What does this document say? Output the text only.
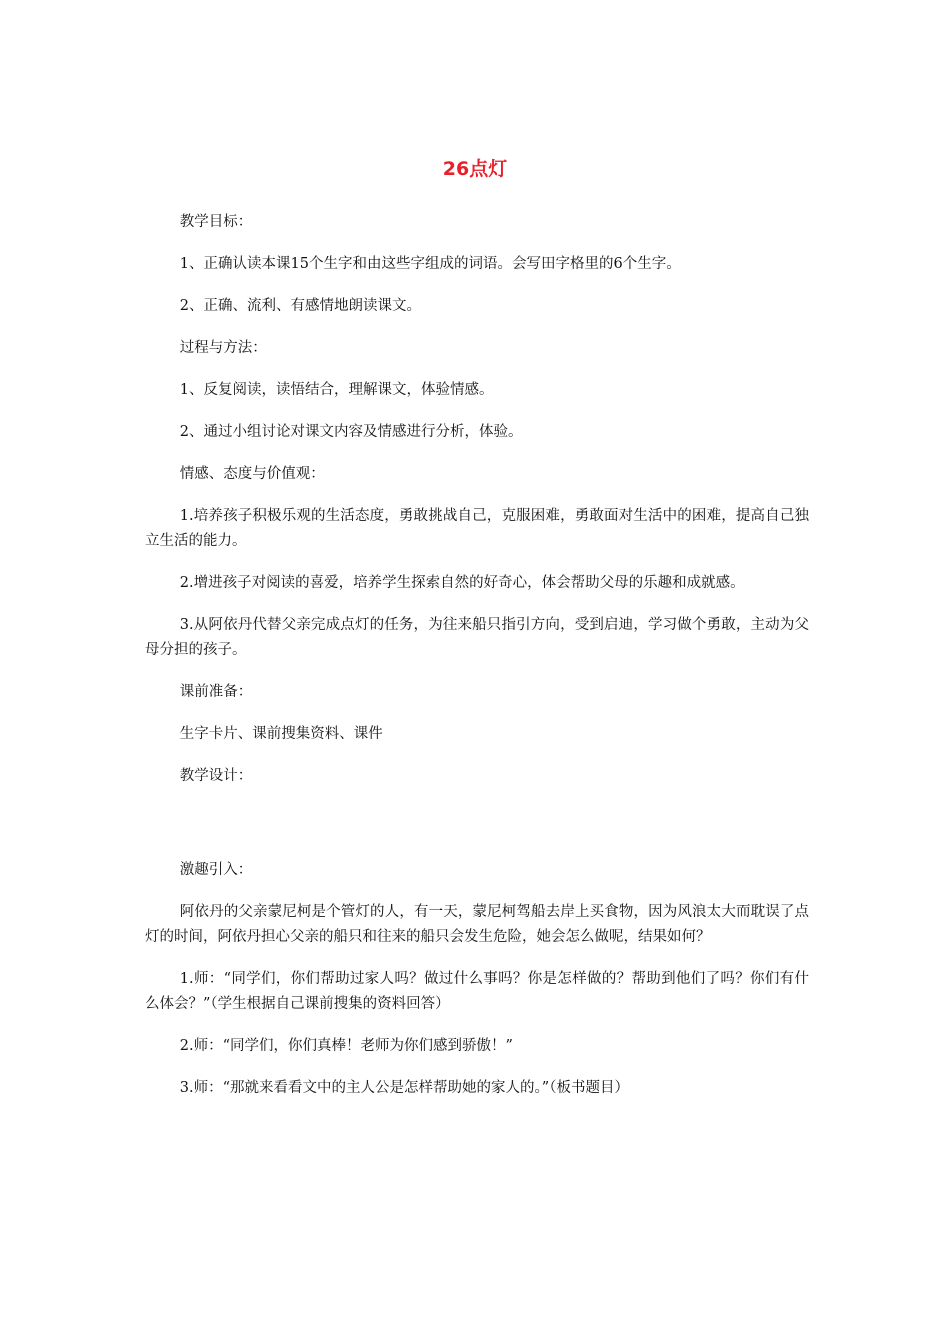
26点灯

教学目标：

1、正确认读本课15个生字和由这些字组成的词语。会写田字格里的6个生字。

2、正确、流利、有感情地朗读课文。

过程与方法：

1、反复阅读，读悟结合，理解课文，体验情感。

2、通过小组讨论对课文内容及情感进行分析，体验。

情感、态度与价值观：

1.培养孩子积极乐观的生活态度，勇敢挑战自己，克服困难，勇敢面对生活中的困难，提高自己独立生活的能力。

2.增进孩子对阅读的喜爱，培养学生探索自然的好奇心，体会帮助父母的乐趣和成就感。

3.从阿依丹代替父亲完成点灯的任务，为往来船只指引方向，受到启迪，学习做个勇敢，主动为父母分担的孩子。

课前准备：

生字卡片、课前搜集资料、课件

教学设计：

激趣引入：

阿依丹的父亲蒙尼柯是个管灯的人，有一天，蒙尼柯驾船去岸上买食物，因为风浪太大而耽误了点灯的时间，阿依丹担心父亲的船只和往来的船只会发生危险，她会怎么做呢，结果如何？

1.师：“同学们，你们帮助过家人吗？做过什么事吗？你是怎样做的？帮助到他们了吗？你们有什么体会？”（学生根据自己课前搜集的资料回答）

2.师：“同学们，你们真棒！老师为你们感到骄傲！”

3.师：“那就来看看文中的主人公是怎样帮助她的家人的。”（板书题目）
